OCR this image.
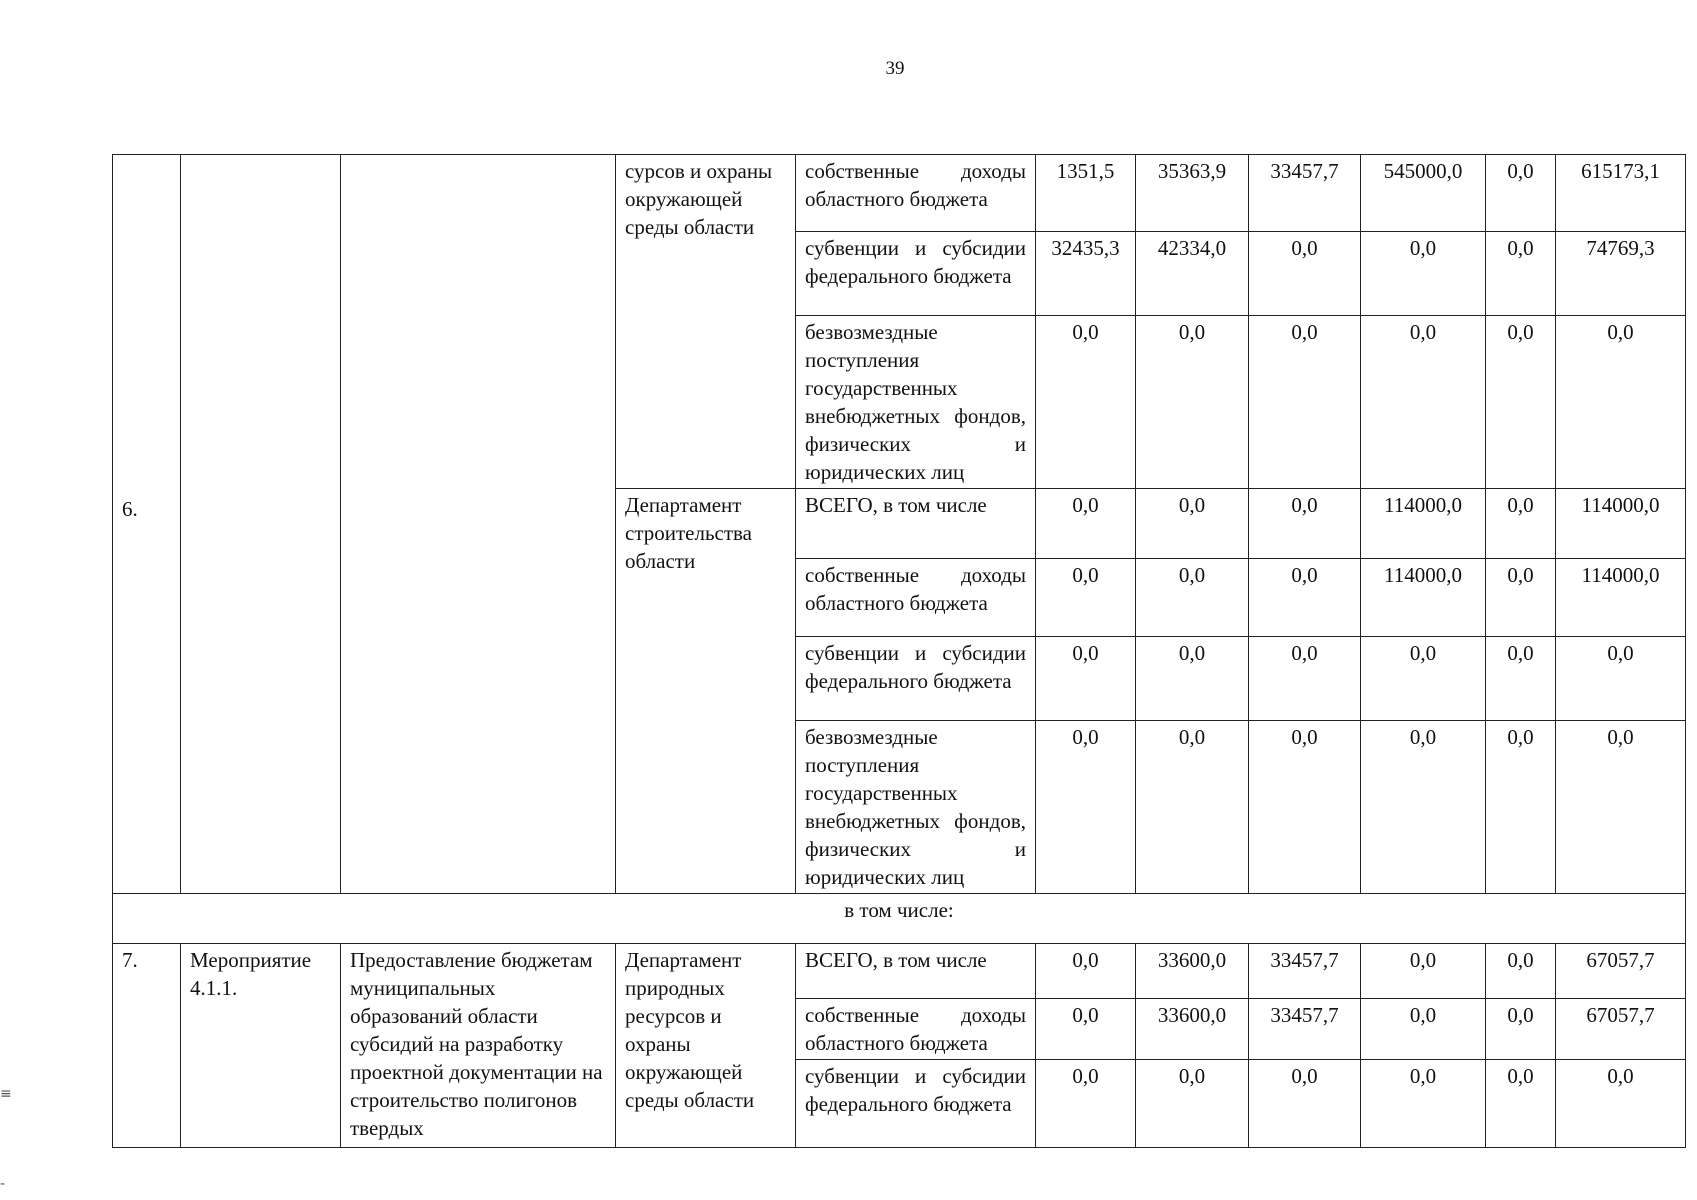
39
≡
-
6.			сурсов и охраны окружающей среды области	собственные доходы областного бюджета	1351,5	35363,9	33457,7	545000,0	0,0	615173,1
				субвенции и субсидии федерального бюджета	32435,3	42334,0	0,0	0,0	0,0	74769,3
				безвозмездные поступления государственных внебюджетных фондов, физических и юридических лиц	0,0	0,0	0,0	0,0	0,0	0,0
			Департамент строительства области	ВСЕГО, в том числе	0,0	0,0	0,0	114000,0	0,0	114000,0
				собственные доходы областного бюджета	0,0	0,0	0,0	114000,0	0,0	114000,0
				субвенции и субсидии федерального бюджета	0,0	0,0	0,0	0,0	0,0	0,0
				безвозмездные поступления государственных внебюджетных фондов, физических и юридических лиц	0,0	0,0	0,0	0,0	0,0	0,0
в том числе:										
7.	Мероприятие 4.1.1.	Предоставление бюджетам муниципальных образований области субсидий на разработку проектной документации на строительство полигонов твердых	Департамент природных ресурсов и охраны окружающей среды области	ВСЕГО, в том числе	0,0	33600,0	33457,7	0,0	0,0	67057,7
				собственные доходы областного бюджета	0,0	33600,0	33457,7	0,0	0,0	67057,7
				субвенции и субсидии федерального бюджета	0,0	0,0	0,0	0,0	0,0	0,0
